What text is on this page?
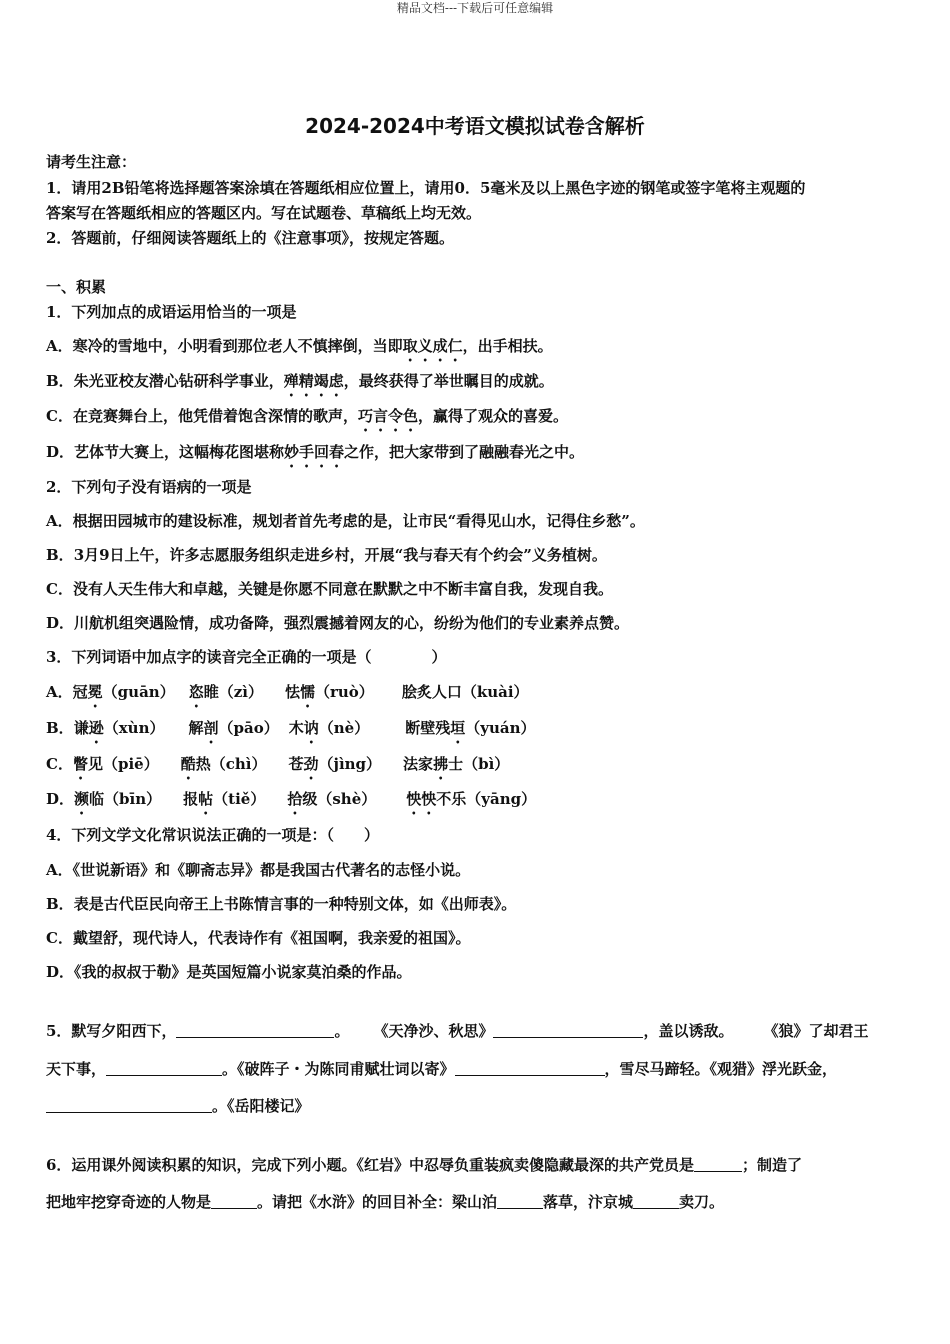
精品文档---下载后可任意编辑
2024-2024中考语文模拟试卷含解析
请考生注意：
1．请用2B铅笔将选择题答案涂填在答题纸相应位置上，请用0．5毫米及以上黑色字迹的钢笔或签字笔将主观题的
答案写在答题纸相应的答题区内。写在试题卷、草稿纸上均无效。
2．答题前，仔细阅读答题纸上的《注意事项》，按规定答题。
一、积累
1．下列加点的成语运用恰当的一项是
A．寒冷的雪地中，小明看到那位老人不慎摔倒，当即取义成仁，出手相扶。
B．朱光亚校友潜心钻研科学事业，殚精竭虑，最终获得了举世瞩目的成就。
C．在竞赛舞台上，他凭借着饱含深情的歌声，巧言令色，赢得了观众的喜爱。
D．艺体节大赛上，这幅梅花图堪称妙手回春之作，把大家带到了融融春光之中。
2．下列句子没有语病的一项是
A．根据田园城市的建设标准，规划者首先考虑的是，让市民“看得见山水，记得住乡愁”。
B．3月9日上午，许多志愿服务组织走进乡村，开展“我与春天有个约会”义务植树。
C．没有人天生伟大和卓越，关键是你愿不同意在默默之中不断丰富自我，发现自我。
D．川航机组突遇险情，成功备降，强烈震撼着网友的心，纷纷为他们的专业素养点赞。
3．下列词语中加点字的读音完全正确的一项是（　　　　）
A．冠冕（guān） 恣睢（zì） 怯懦（ruò） 脍炙人口（kuài）
B．谦逊（xùn） 解剖（pāo） 木讷（nè） 断壁残垣（yuán）
C．瞥见（piē） 酷热（chì） 苍劲（jìng） 法家拂士（bì）
D．濒临（bīn） 报帖（tiě） 拾级（shè） 怏怏不乐（yāng）
4．下列文学文化常识说法正确的一项是：（　　）
A．《世说新语》和《聊斋志异》都是我国古代著名的志怪小说。
B．表是古代臣民向帝王上书陈情言事的一种特别文体，如《出师表》。
C．戴望舒，现代诗人，代表诗作有《祖国啊，我亲爱的祖国》。
D．《我的叔叔于勒》是英国短篇小说家莫泊桑的作品。
5．默写夕阳西下，	。 《天净沙、秋思》	，盖以诱敌。 《狼》了却君王
天下事，	。《破阵子・为陈同甫赋壮词以寄》	，雪尽马蹄轻。《观猎》浮光跃金，
。《岳阳楼记》
6．运用课外阅读积累的知识，完成下列小题。《红岩》中忍辱负重装疯卖傻隐藏最深的共产党员是	；制造了
把地牢挖穿奇迹的人物是	。请把《水浒》的回目补全：梁山泊	落草，汴京城	卖刀。
